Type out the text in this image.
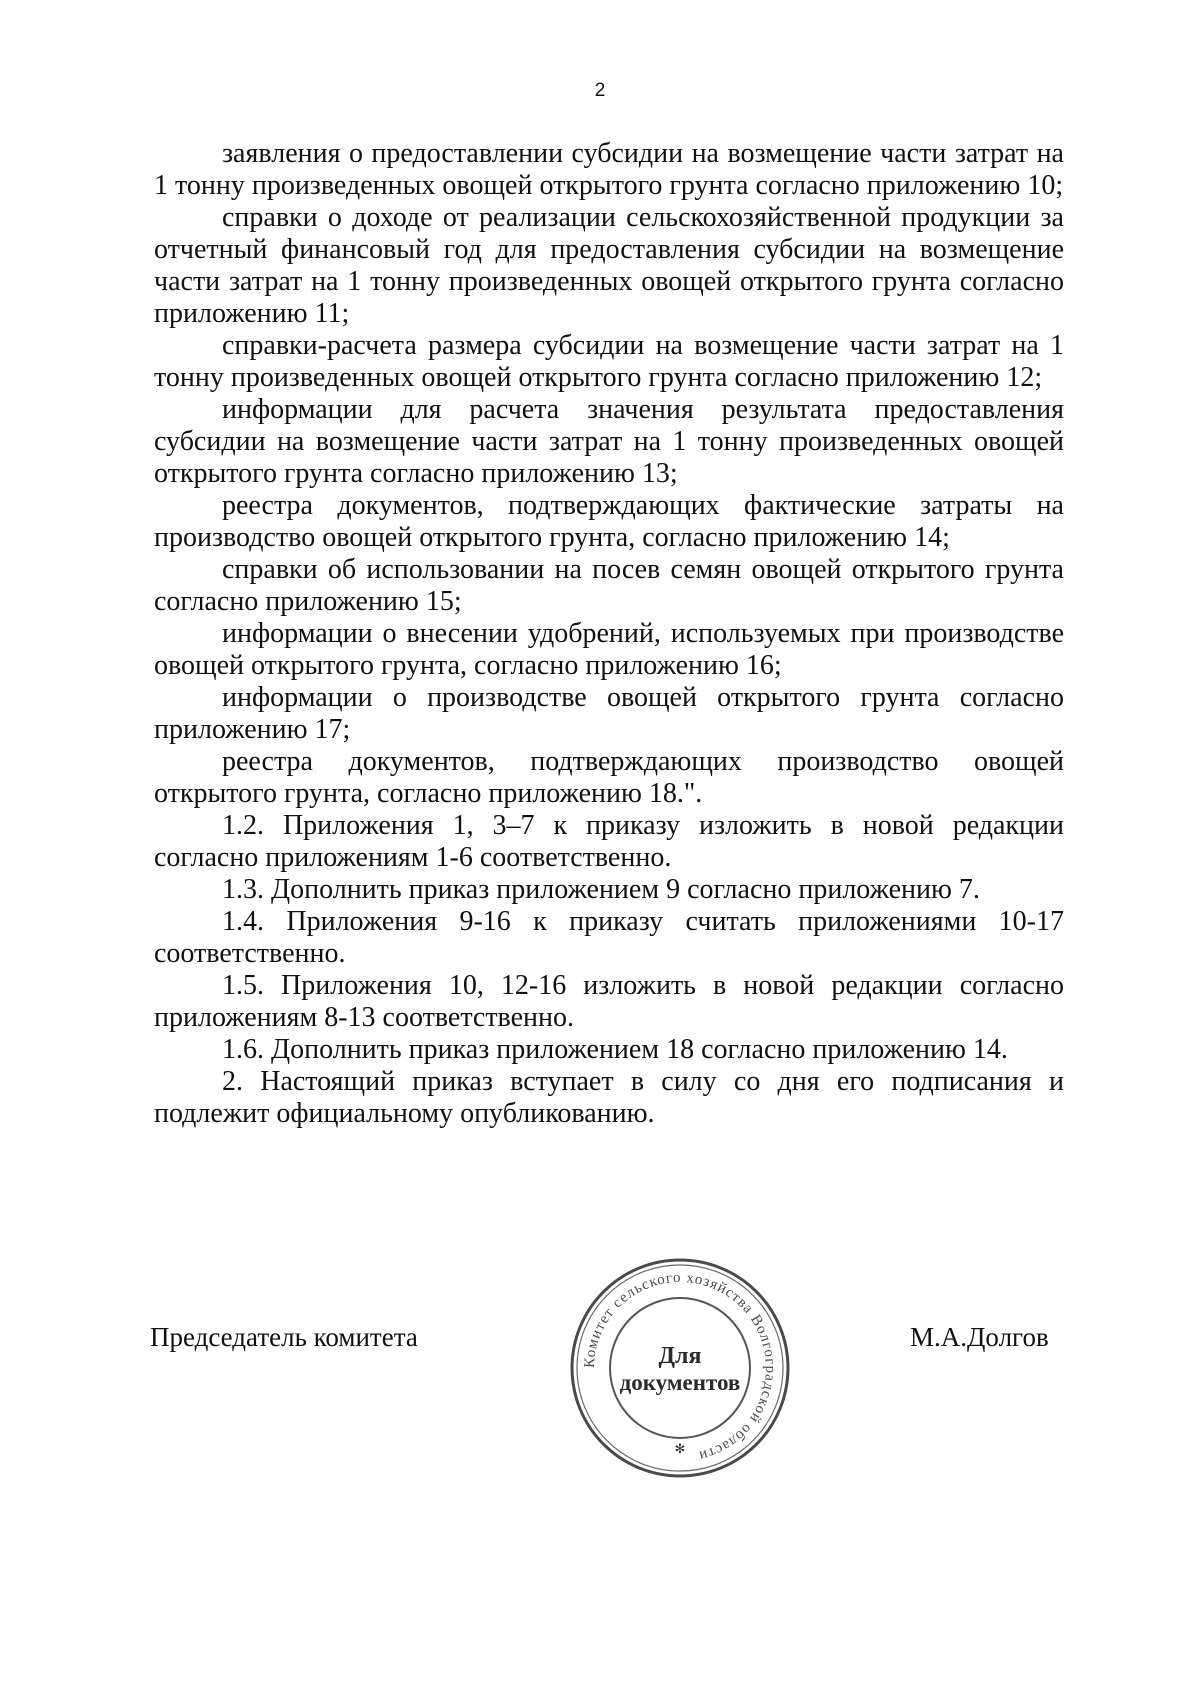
2

заявления о предоставлении субсидии на возмещение части затрат на 1 тонну произведенных овощей открытого грунта согласно приложению 10;

справки о доходе от реализации сельскохозяйственной продукции за отчетный финансовый год для предоставления субсидии на возмещение части затрат на 1 тонну произведенных овощей открытого грунта согласно приложению 11;

справки-расчета размера субсидии на возмещение части затрат на 1 тонну произведенных овощей открытого грунта согласно приложению 12;

информации для расчета значения результата предоставления субсидии на возмещение части затрат на 1 тонну произведенных овощей открытого грунта согласно приложению 13;

реестра документов, подтверждающих фактические затраты на производство овощей открытого грунта, согласно приложению 14;

справки об использовании на посев семян овощей открытого грунта согласно приложению 15;

информации о внесении удобрений, используемых при производстве овощей открытого грунта, согласно приложению 16;

информации о производстве овощей открытого грунта согласно приложению 17;

реестра документов, подтверждающих производство овощей открытого грунта, согласно приложению 18.".

1.2. Приложения 1, 3–7 к приказу изложить в новой редакции согласно приложениям 1-6 соответственно.

1.3. Дополнить приказ приложением 9 согласно приложению 7.

1.4. Приложения 9-16 к приказу считать приложениями 10-17 соответственно.

1.5. Приложения 10, 12-16 изложить в новой редакции согласно приложениям 8-13 соответственно.

1.6. Дополнить приказ приложением 18 согласно приложению 14.

2. Настоящий приказ вступает в силу со дня его подписания и подлежит официальному опубликованию.

Председатель комитета	М.А.Долгов
Комитет сельского хозяйства Волгоградской области
Для
документов
✻
